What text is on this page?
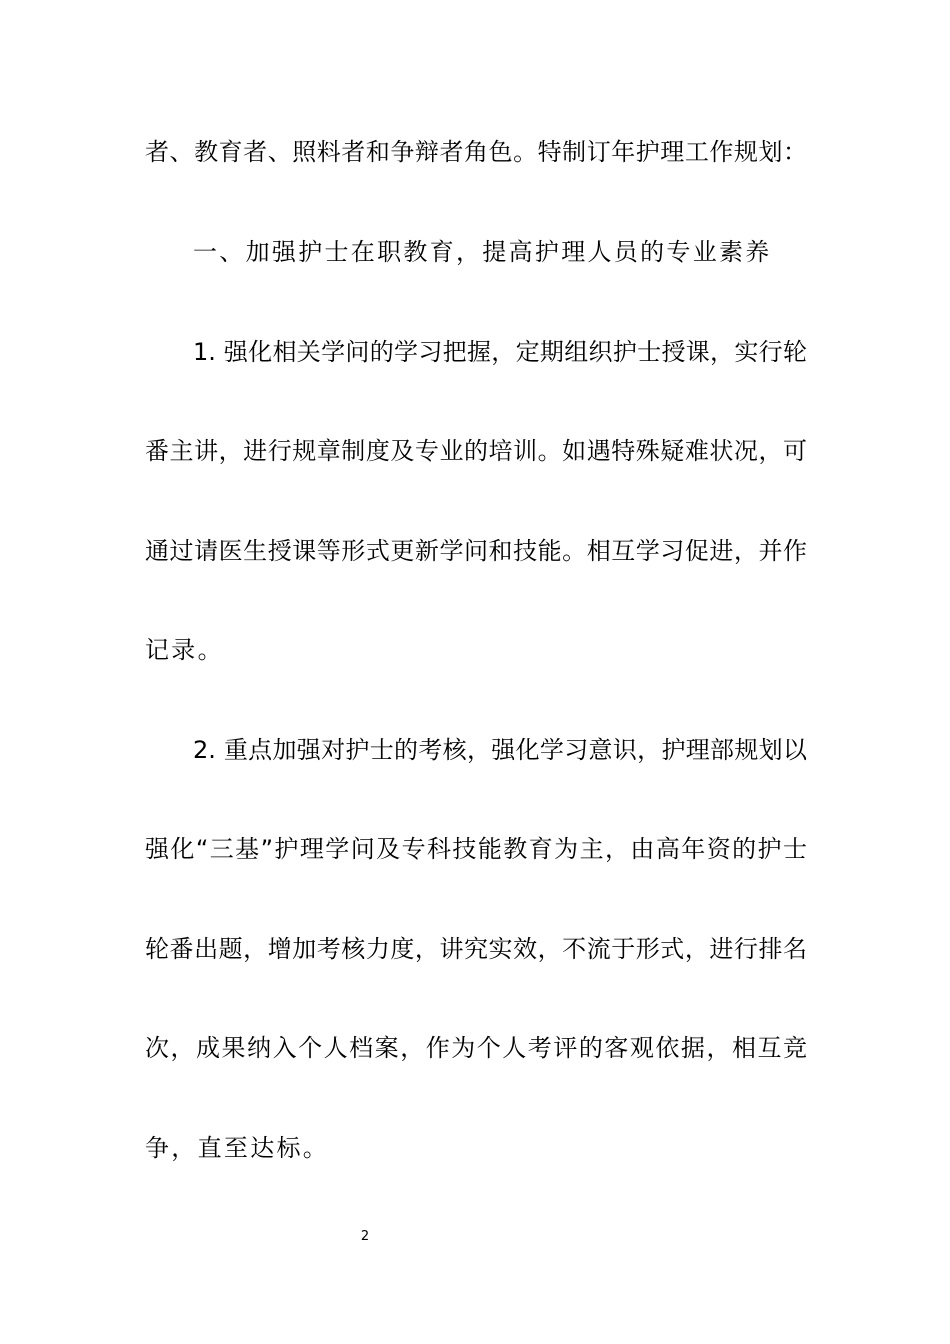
者、教育者、照料者和争辩者角色。特制订年护理工作规划：

一、加强护士在职教育，提高护理人员的专业素养

1. 强化相关学问的学习把握，定期组织护士授课，实行轮

番主讲，进行规章制度及专业的培训。如遇特殊疑难状况，可

通过请医生授课等形式更新学问和技能。相互学习促进，并作

记录。

2. 重点加强对护士的考核，强化学习意识，护理部规划以

强化“三基”护理学问及专科技能教育为主，由高年资的护士

轮番出题，增加考核力度，讲究实效，不流于形式，进行排名

次，成果纳入个人档案，作为个人考评的客观依据，相互竞

争，直至达标。

2
